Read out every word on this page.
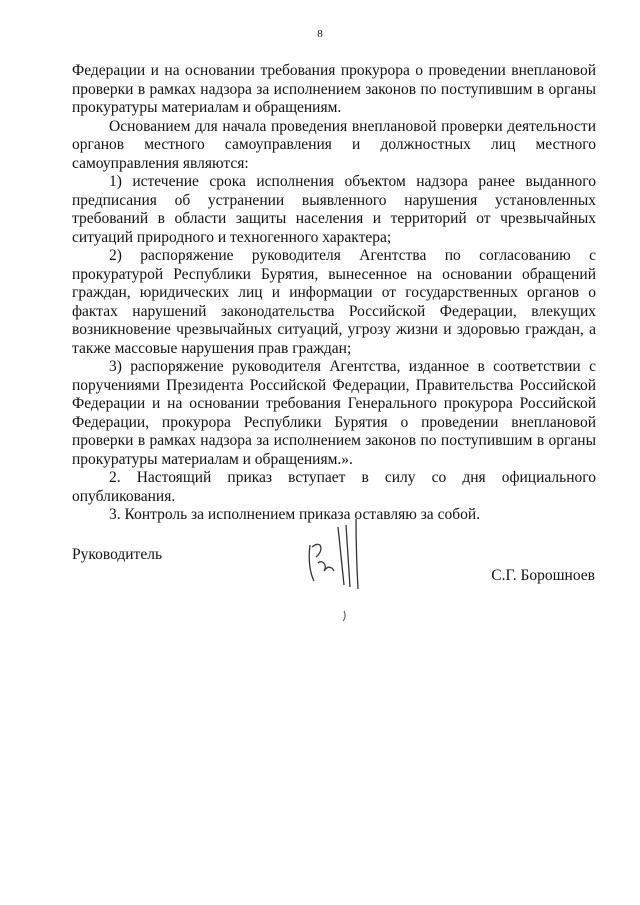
8

Федерации и на основании требования прокурора о проведении внеплановой проверки в рамках надзора за исполнением законов по поступившим в органы прокуратуры материалам и обращениям.

Основанием для начала проведения внеплановой проверки деятельности органов местного самоуправления и должностных лиц местного самоуправления являются:

1) истечение срока исполнения объектом надзора ранее выданного предписания об устранении выявленного нарушения установленных требований в области защиты населения и территорий от чрезвычайных ситуаций природного и техногенного характера;

2) распоряжение руководителя Агентства по согласованию с прокуратурой Республики Бурятия, вынесенное на основании обращений граждан, юридических лиц и информации от государственных органов о фактах нарушений законодательства Российской Федерации, влекущих возникновение чрезвычайных ситуаций, угрозу жизни и здоровью граждан, а также массовые нарушения прав граждан;

3) распоряжение руководителя Агентства, изданное в соответствии с поручениями Президента Российской Федерации, Правительства Российской Федерации и на основании требования Генерального прокурора Российской Федерации, прокурора Республики Бурятия о проведении внеплановой проверки в рамках надзора за исполнением законов по поступившим в органы прокуратуры материалам и обращениям.».

2. Настоящий приказ вступает в силу со дня официального опубликования.

3. Контроль за исполнением приказа оставляю за собой.

Руководитель
С.Г. Борошноев
